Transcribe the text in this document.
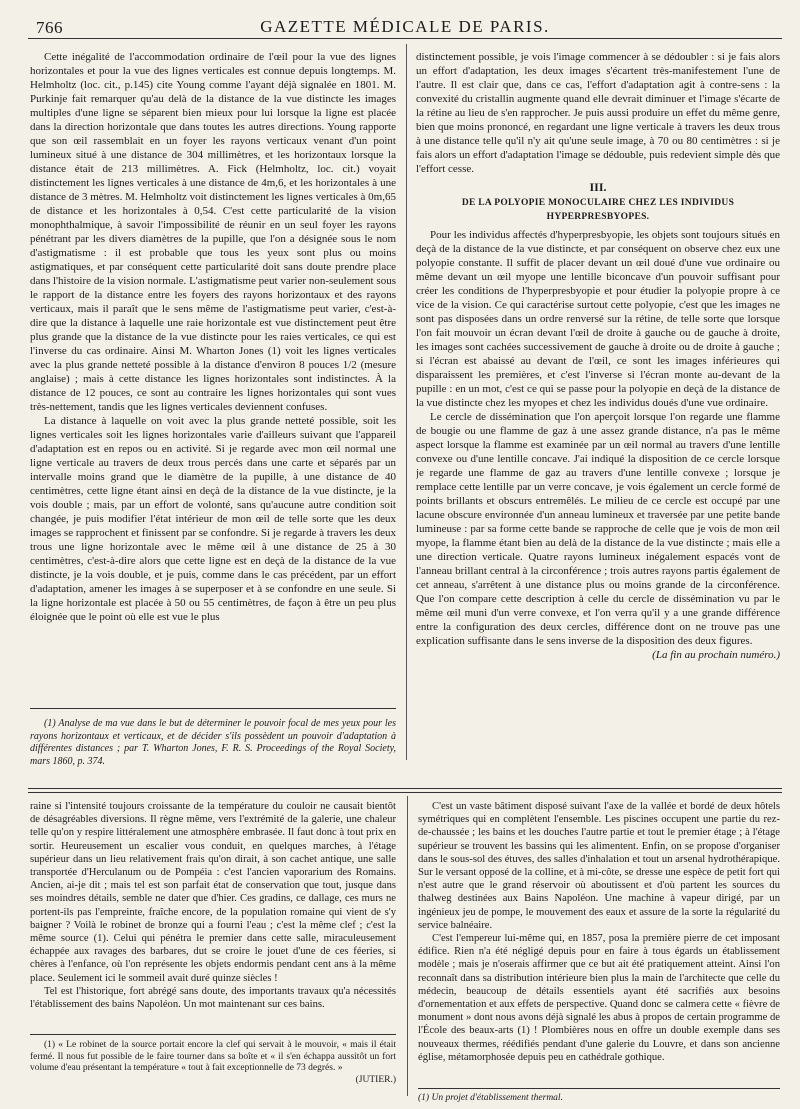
766	GAZETTE MÉDICALE DE PARIS.

Cette inégalité de l'accommodation ordinaire de l'œil pour la vue des lignes horizontales et pour la vue des lignes verticales est connue depuis longtemps. M. Helmholtz (loc. cit., p.145) cite Young comme l'ayant déjà signalée en 1801. M. Purkinje fait remarquer qu'au delà de la distance de la vue distincte les images multiples d'une ligne se séparent bien mieux pour lui lorsque la ligne est placée dans la direction horizontale que dans toutes les autres directions. Young rapporte que son œil rassemblait en un foyer les rayons verticaux venant d'un point lumineux situé à une distance de 304 millimètres, et les horizontaux lorsque la distance était de 213 millimètres. A. Fick (Helmholtz, loc. cit.) voyait distinctement les lignes verticales à une distance de 4m,6, et les horizontales à une distance de 3 mètres. M. Helmholtz voit distinctement les lignes verticales à 0m,65 de distance et les horizontales à 0,54. C'est cette particularité de la vision monophthalmique, à savoir l'impossibilité de réunir en un seul foyer les rayons pénétrant par les divers diamètres de la pupille, que l'on a désignée sous le nom d'astigmatisme : il est probable que tous les yeux sont plus ou moins astigmatiques, et par conséquent cette particularité doit sans doute prendre place dans l'histoire de la vision normale. L'astigmatisme peut varier non-seulement sous le rapport de la distance entre les foyers des rayons horizontaux et des rayons verticaux, mais il paraît que le sens même de l'astigmatisme peut varier, c'est-à-dire que la distance à laquelle une raie horizontale est vue distinctement peut être plus grande que la distance de la vue distincte pour les raies verticales, ce qui est l'inverse du cas ordinaire. Ainsi M. Wharton Jones (1) voit les lignes verticales avec la plus grande netteté possible à la distance d'environ 8 pouces 1/2 (mesure anglaise) ; mais à cette distance les lignes horizontales sont indistinctes. À la distance de 12 pouces, ce sont au contraire les lignes horizontales qui sont vues très-nettement, tandis que les lignes verticales deviennent confuses.

La distance à laquelle on voit avec la plus grande netteté possible, soit les lignes verticales soit les lignes horizontales varie d'ailleurs suivant que l'appareil d'adaptation est en repos ou en activité. Si je regarde avec mon œil normal une ligne verticale au travers de deux trous percés dans une carte et séparés par un intervalle moins grand que le diamètre de la pupille, à une distance de 40 centimètres, cette ligne étant ainsi en deçà de la distance de la vue distincte, je la vois double ; mais, par un effort de volonté, sans qu'aucune autre condition soit changée, je puis modifier l'état intérieur de mon œil de telle sorte que les deux images se rapprochent et finissent par se confondre. Si je regarde à travers les deux trous une ligne horizontale avec le même œil à une distance de 25 à 30 centimètres, c'est-à-dire alors que cette ligne est en deçà de la distance de la vue distincte, je la vois double, et je puis, comme dans le cas précédent, par un effort d'adaptation, amener les images à se superposer et à se confondre en une seule. Si la ligne horizontale est placée à 50 ou 55 centimètres, de façon à être un peu plus éloignée que le point où elle est vue le plus

(1) Analyse de ma vue dans le but de déterminer le pouvoir focal de mes yeux pour les rayons horizontaux et verticaux, et de décider s'ils possèdent un pouvoir d'adaptation à différentes distances ; par T. Wharton Jones, F. R. S. Proceedings of the Royal Society, mars 1860, p. 374.

distinctement possible, je vois l'image commencer à se dédoubler : si je fais alors un effort d'adaptation, les deux images s'écartent très-manifestement l'une de l'autre. Il est clair que, dans ce cas, l'effort d'adaptation agit à contre-sens : la convexité du cristallin augmente quand elle devrait diminuer et l'image s'écarte de la rétine au lieu de s'en rapprocher. Je puis aussi produire un effet du même genre, bien que moins prononcé, en regardant une ligne verticale à travers les deux trous à une distance telle qu'il n'y ait qu'une seule image, à 70 ou 80 centimètres : si je fais alors un effort d'adaptation l'image se dédouble, puis redevient simple dès que l'effort cesse.

III.
DE LA POLYOPIE MONOCULAIRE CHEZ LES INDIVIDUS HYPERPRESBYOPES.

Pour les individus affectés d'hyperpresbyopie, les objets sont toujours situés en deçà de la distance de la vue distincte, et par conséquent on observe chez eux une polyopie constante. Il suffit de placer devant un œil doué d'une vue ordinaire ou même devant un œil myope une lentille biconcave d'un pouvoir suffisant pour créer les conditions de l'hyperpresbyopie et pour étudier la polyopie propre à ce vice de la vision. Ce qui caractérise surtout cette polyopie, c'est que les images ne sont pas disposées dans un ordre renversé sur la rétine, de telle sorte que lorsque l'on fait mouvoir un écran devant l'œil de droite à gauche ou de gauche à droite, les images sont cachées successivement de gauche à droite ou de droite à gauche ; si l'écran est abaissé au devant de l'œil, ce sont les images inférieures qui disparaissent les premières, et c'est l'inverse si l'écran monte au-devant de la pupille : en un mot, c'est ce qui se passe pour la polyopie en deçà de la distance de la vue distincte chez les myopes et chez les individus doués d'une vue ordinaire.

Le cercle de dissémination que l'on aperçoit lorsque l'on regarde une flamme de bougie ou une flamme de gaz à une assez grande distance, n'a pas le même aspect lorsque la flamme est examinée par un œil normal au travers d'une lentille convexe ou d'une lentille concave. J'ai indiqué la disposition de ce cercle lorsque je regarde une flamme de gaz au travers d'une lentille convexe ; lorsque je remplace cette lentille par un verre concave, je vois également un cercle formé de points brillants et obscurs entremêlés. Le milieu de ce cercle est occupé par une lacune obscure environnée d'un anneau lumineux et traversée par une petite bande lumineuse : par sa forme cette bande se rapproche de celle que je vois de mon œil myope, la flamme étant bien au delà de la distance de la vue distincte ; mais elle a une direction verticale. Quatre rayons lumineux inégalement espacés vont de l'anneau brillant central à la circonférence ; trois autres rayons partis également de cet anneau, s'arrêtent à une distance plus ou moins grande de la circonférence. Que l'on compare cette description à celle du cercle de dissémination vu par le même œil muni d'un verre convexe, et l'on verra qu'il y a une grande différence entre la configuration des deux cercles, différence dont on ne trouve pas une explication suffisante dans le sens inverse de la disposition des deux figures.

(La fin au prochain numéro.)

raine si l'intensité toujours croissante de la température du couloir ne causait bientôt de désagréables diversions. Il règne même, vers l'extrémité de la galerie, une chaleur telle qu'on y respire littéralement une atmosphère embrasée. Il faut donc à tout prix en sortir. Heureusement un escalier vous conduit, en quelques marches, à l'étage supérieur dans un lieu relativement frais qu'on dirait, à son cachet antique, une salle transportée d'Herculanum ou de Pompéia : c'est l'ancien vaporarium des Romains. Ancien, ai-je dit ; mais tel est son parfait état de conservation que tout, jusque dans ses moindres détails, semble ne dater que d'hier. Ces gradins, ce dallage, ces murs ne portent-ils pas l'empreinte, fraîche encore, de la population romaine qui vient de s'y baigner ? Voilà le robinet de bronze qui a fourni l'eau ; c'est la même clef ; c'est la même source (1). Celui qui pénétra le premier dans cette salle, miraculeusement échappée aux ravages des barbares, dut se croire le jouet d'une de ces féeries, si chères à l'enfance, où l'on représente les objets endormis pendant cent ans à la même place. Seulement ici le sommeil avait duré quinze siècles !

Tel est l'historique, fort abrégé sans doute, des importants travaux qu'a nécessités l'établissement des bains Napoléon. Un mot maintenant sur ces bains.

(1) « Le robinet de la source portait encore la clef qui servait à le mouvoir, « mais il était fermé. Il nous fut possible de le faire tourner dans sa boîte et « il s'en échappa aussitôt un fort volume d'eau présentant la température « tout à fait exceptionnelle de 73 degrés. »
(JUTIER.)

C'est un vaste bâtiment disposé suivant l'axe de la vallée et bordé de deux hôtels symétriques qui en complètent l'ensemble. Les piscines occupent une partie du rez-de-chaussée ; les bains et les douches l'autre partie et tout le premier étage ; à l'étage supérieur se trouvent les bassins qui les alimentent. Enfin, on se propose d'organiser dans le sous-sol des étuves, des salles d'inhalation et tout un arsenal hydrothérapique. Sur le versant opposé de la colline, et à mi-côte, se dresse une espèce de petit fort qui n'est autre que le grand réservoir où aboutissent et d'où partent les sources du thalweg destinées aux Bains Napoléon. Une machine à vapeur dirigé, par un ingénieux jeu de pompe, le mouvement des eaux et assure de la sorte la régularité du service balnéaire.

C'est l'empereur lui-même qui, en 1857, posa la première pierre de cet imposant édifice. Rien n'a été négligé depuis pour en faire à tous égards un établissement modèle ; mais je n'oserais affirmer que ce but ait été pratiquement atteint. Ainsi l'on reconnaît dans sa distribution intérieure bien plus la main de l'architecte que celle du médecin, beaucoup de détails essentiels ayant été sacrifiés aux besoins d'ornementation et aux effets de perspective. Quand donc se calmera cette « fièvre de monument » dont nous avons déjà signalé les abus à propos de certain programme de l'École des beaux-arts (1) ! Plombières nous en offre un double exemple dans ses nouveaux thermes, réédifiés pendant d'une galerie du Louvre, et dans son ancienne église, métamorphosée depuis peu en cathédrale gothique.

(1) Un projet d'établissement thermal.
